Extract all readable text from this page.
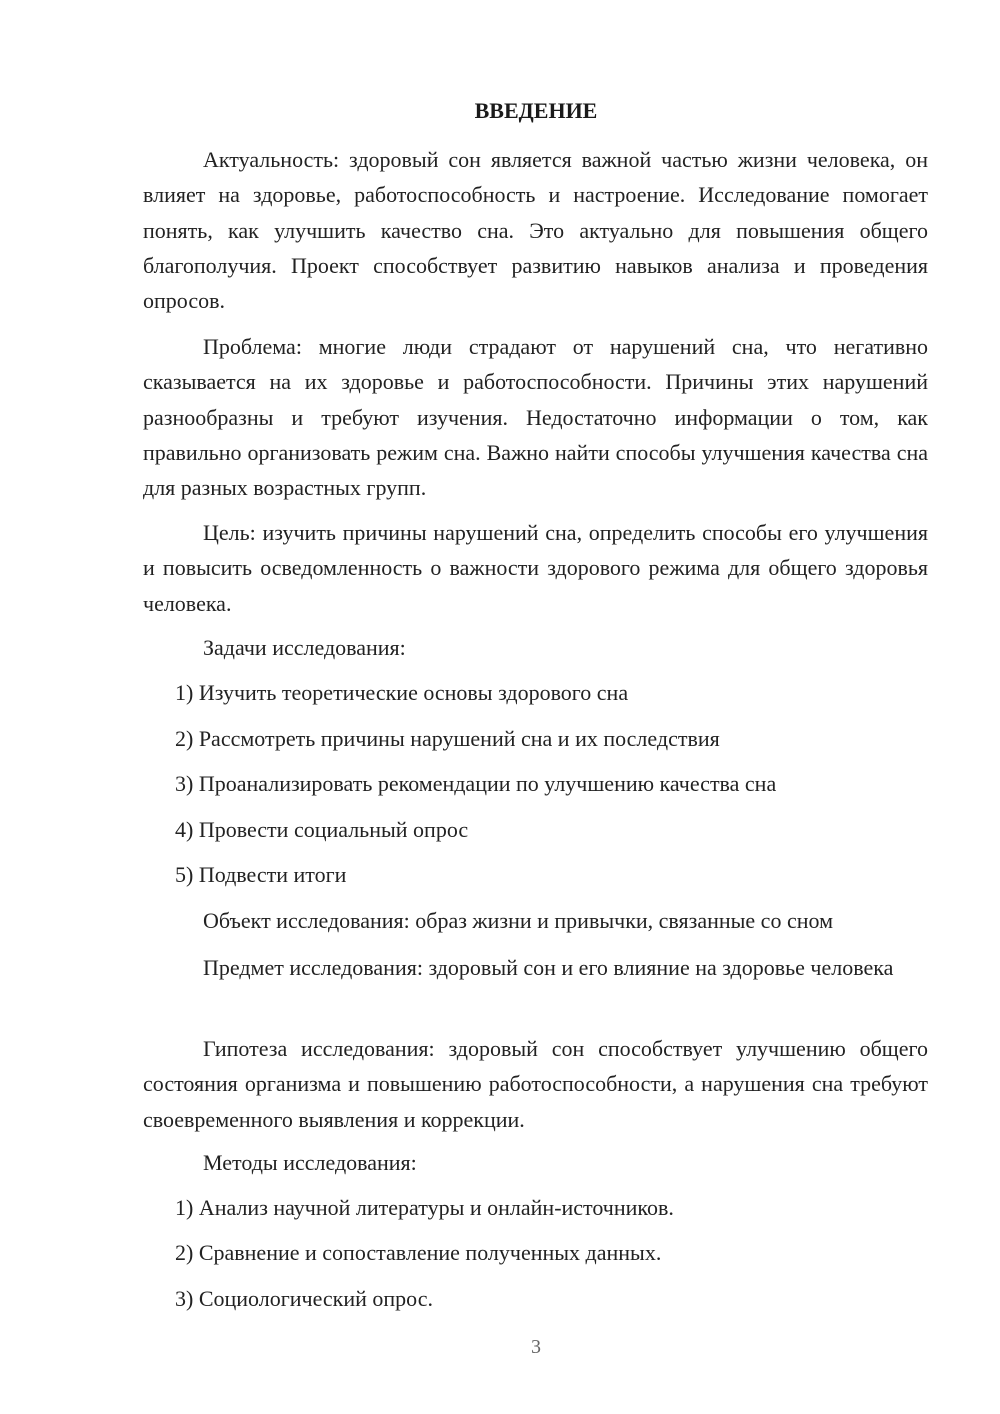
ВВЕДЕНИЕ

Актуальность: здоровый сон является важной частью жизни человека, он влияет на здоровье, работоспособность и настроение. Исследование помогает понять, как улучшить качество сна. Это актуально для повышения общего благополучия. Проект способствует развитию навыков анализа и проведения опросов.

Проблема: многие люди страдают от нарушений сна, что негативно сказывается на их здоровье и работоспособности. Причины этих нарушений разнообразны и требуют изучения. Недостаточно информации о том, как правильно организовать режим сна. Важно найти способы улучшения качества сна для разных возрастных групп.

Цель: изучить причины нарушений сна, определить способы его улучшения и повысить осведомленность о важности здорового режима для общего здоровья человека.

Задачи исследования:

1) Изучить теоретические основы здорового сна

2) Рассмотреть причины нарушений сна и их последствия

3) Проанализировать рекомендации по улучшению качества сна

4) Провести социальный опрос

5) Подвести итоги

Объект исследования: образ жизни и привычки, связанные со сном

Предмет исследования: здоровый сон и его влияние на здоровье человека

Гипотеза исследования: здоровый сон способствует улучшению общего состояния организма и повышению работоспособности, а нарушения сна требуют своевременного выявления и коррекции.

Методы исследования:

1) Анализ научной литературы и онлайн-источников.

2) Сравнение и сопоставление полученных данных.

3) Социологический опрос.

3
